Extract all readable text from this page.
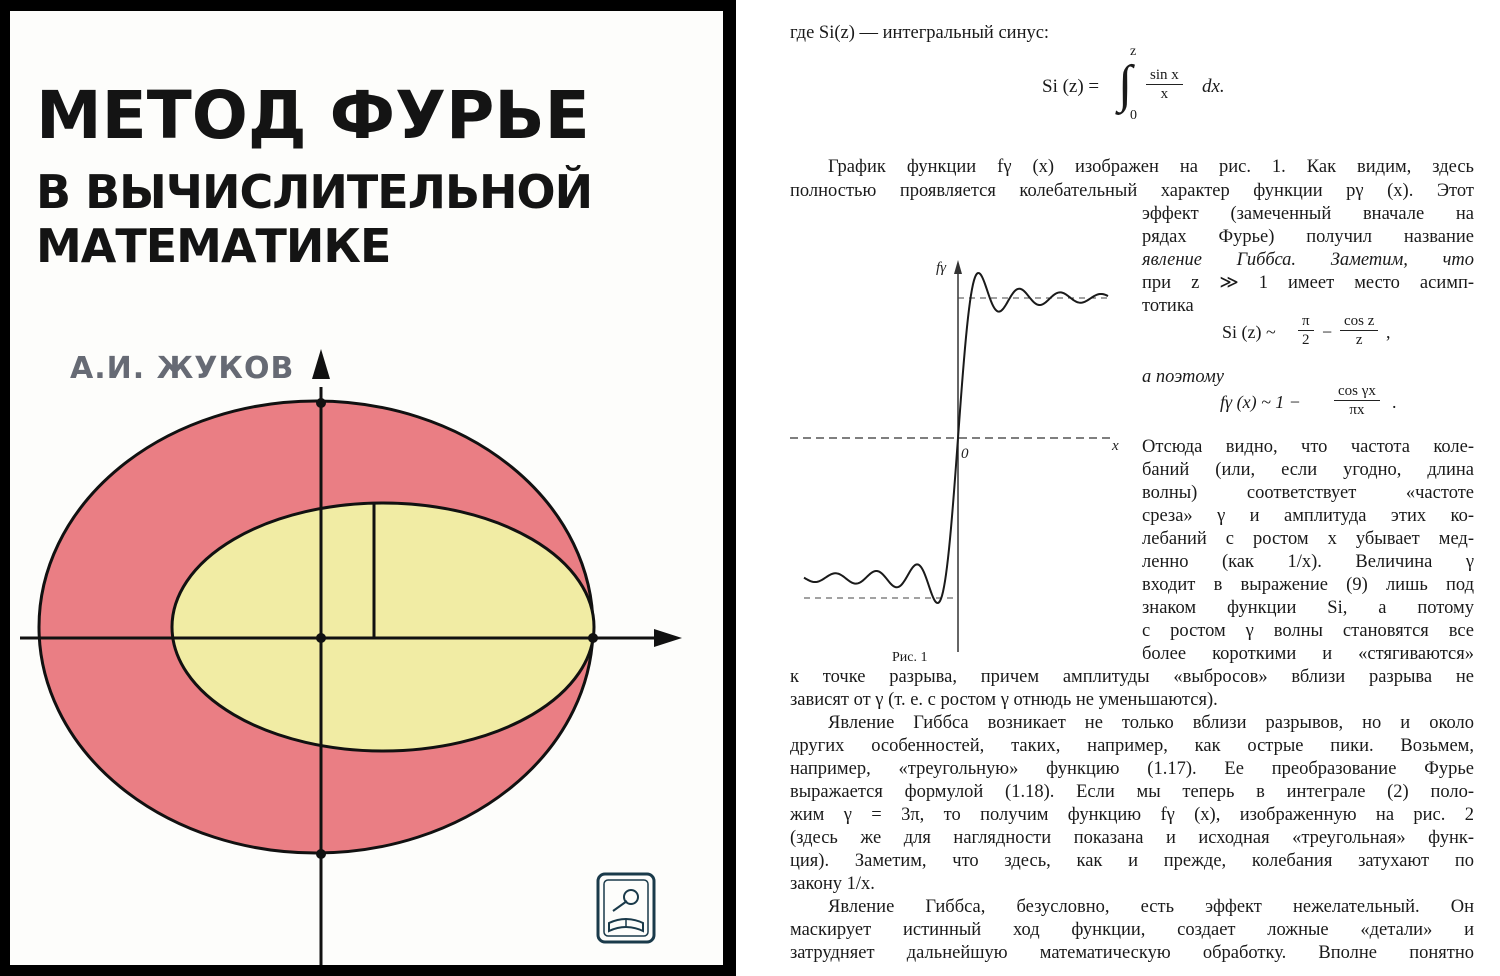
МЕТОД ФУРЬЕ
В ВЫЧИСЛИТЕЛЬНОЙ
МАТЕМАТИКЕ
А.И. ЖУКОВ
где Si(z) — интегральный синус:
Si (z) =
z
∫
0
$\frac{\text{sin x}}{x}$ dx.
График функции fγ (x) изображен на рис. 1. Как видим, здесь
полностью проявляется колебательный характер функции pγ (x). Этот
эффект (замеченный вначале на
рядах Фурье) получил название
явление Гиббса. Заметим, что
при z ≫ 1 имеет место асимп-
тотика
Si (z) ~ $\frac{\pi}{2} - \frac{\text{cos z}}{z}$ ,
а поэтому
fγ (x) ~ $1 - \frac{\text{cos γx}}{\pi x}$ .
Отсюда видно, что частота коле-
баний (или, если угодно, длина
волны) соответствует «частоте
среза» γ и амплитуда этих ко-
лебаний с ростом x убывает мед-
ленно (как 1/x). Величина γ
входит в выражение (9) лишь под
знаком функции Si, а потому
с ростом γ волны становятся все
более короткими и «стягиваются»
к точке разрыва, причем амплитуды «выбросов» вблизи разрыва не
зависят от γ (т. е. с ростом γ отнюдь не уменьшаются).
Явление Гиббса возникает не только вблизи разрывов, но и около
других особенностей, таких, например, как острые пики. Возьмем,
например, «треугольную» функцию (1.17). Ее преобразование Фурье
выражается формулой (1.18). Если мы теперь в интеграле (2) поло-
жим γ = 3π, то получим функцию fγ (x), изображенную на рис. 2
(здесь же для наглядности показана и исходная «треугольная» функ-
ция). Заметим, что здесь, как и прежде, колебания затухают по
закону 1/x.
Явление Гиббса, безусловно, есть эффект нежелательный. Он
маскирует истинный ход функции, создает ложные «детали» и
затрудняет дальнейшую математическую обработку. Вполне понятно
Рис. 1
fγ
x
0
